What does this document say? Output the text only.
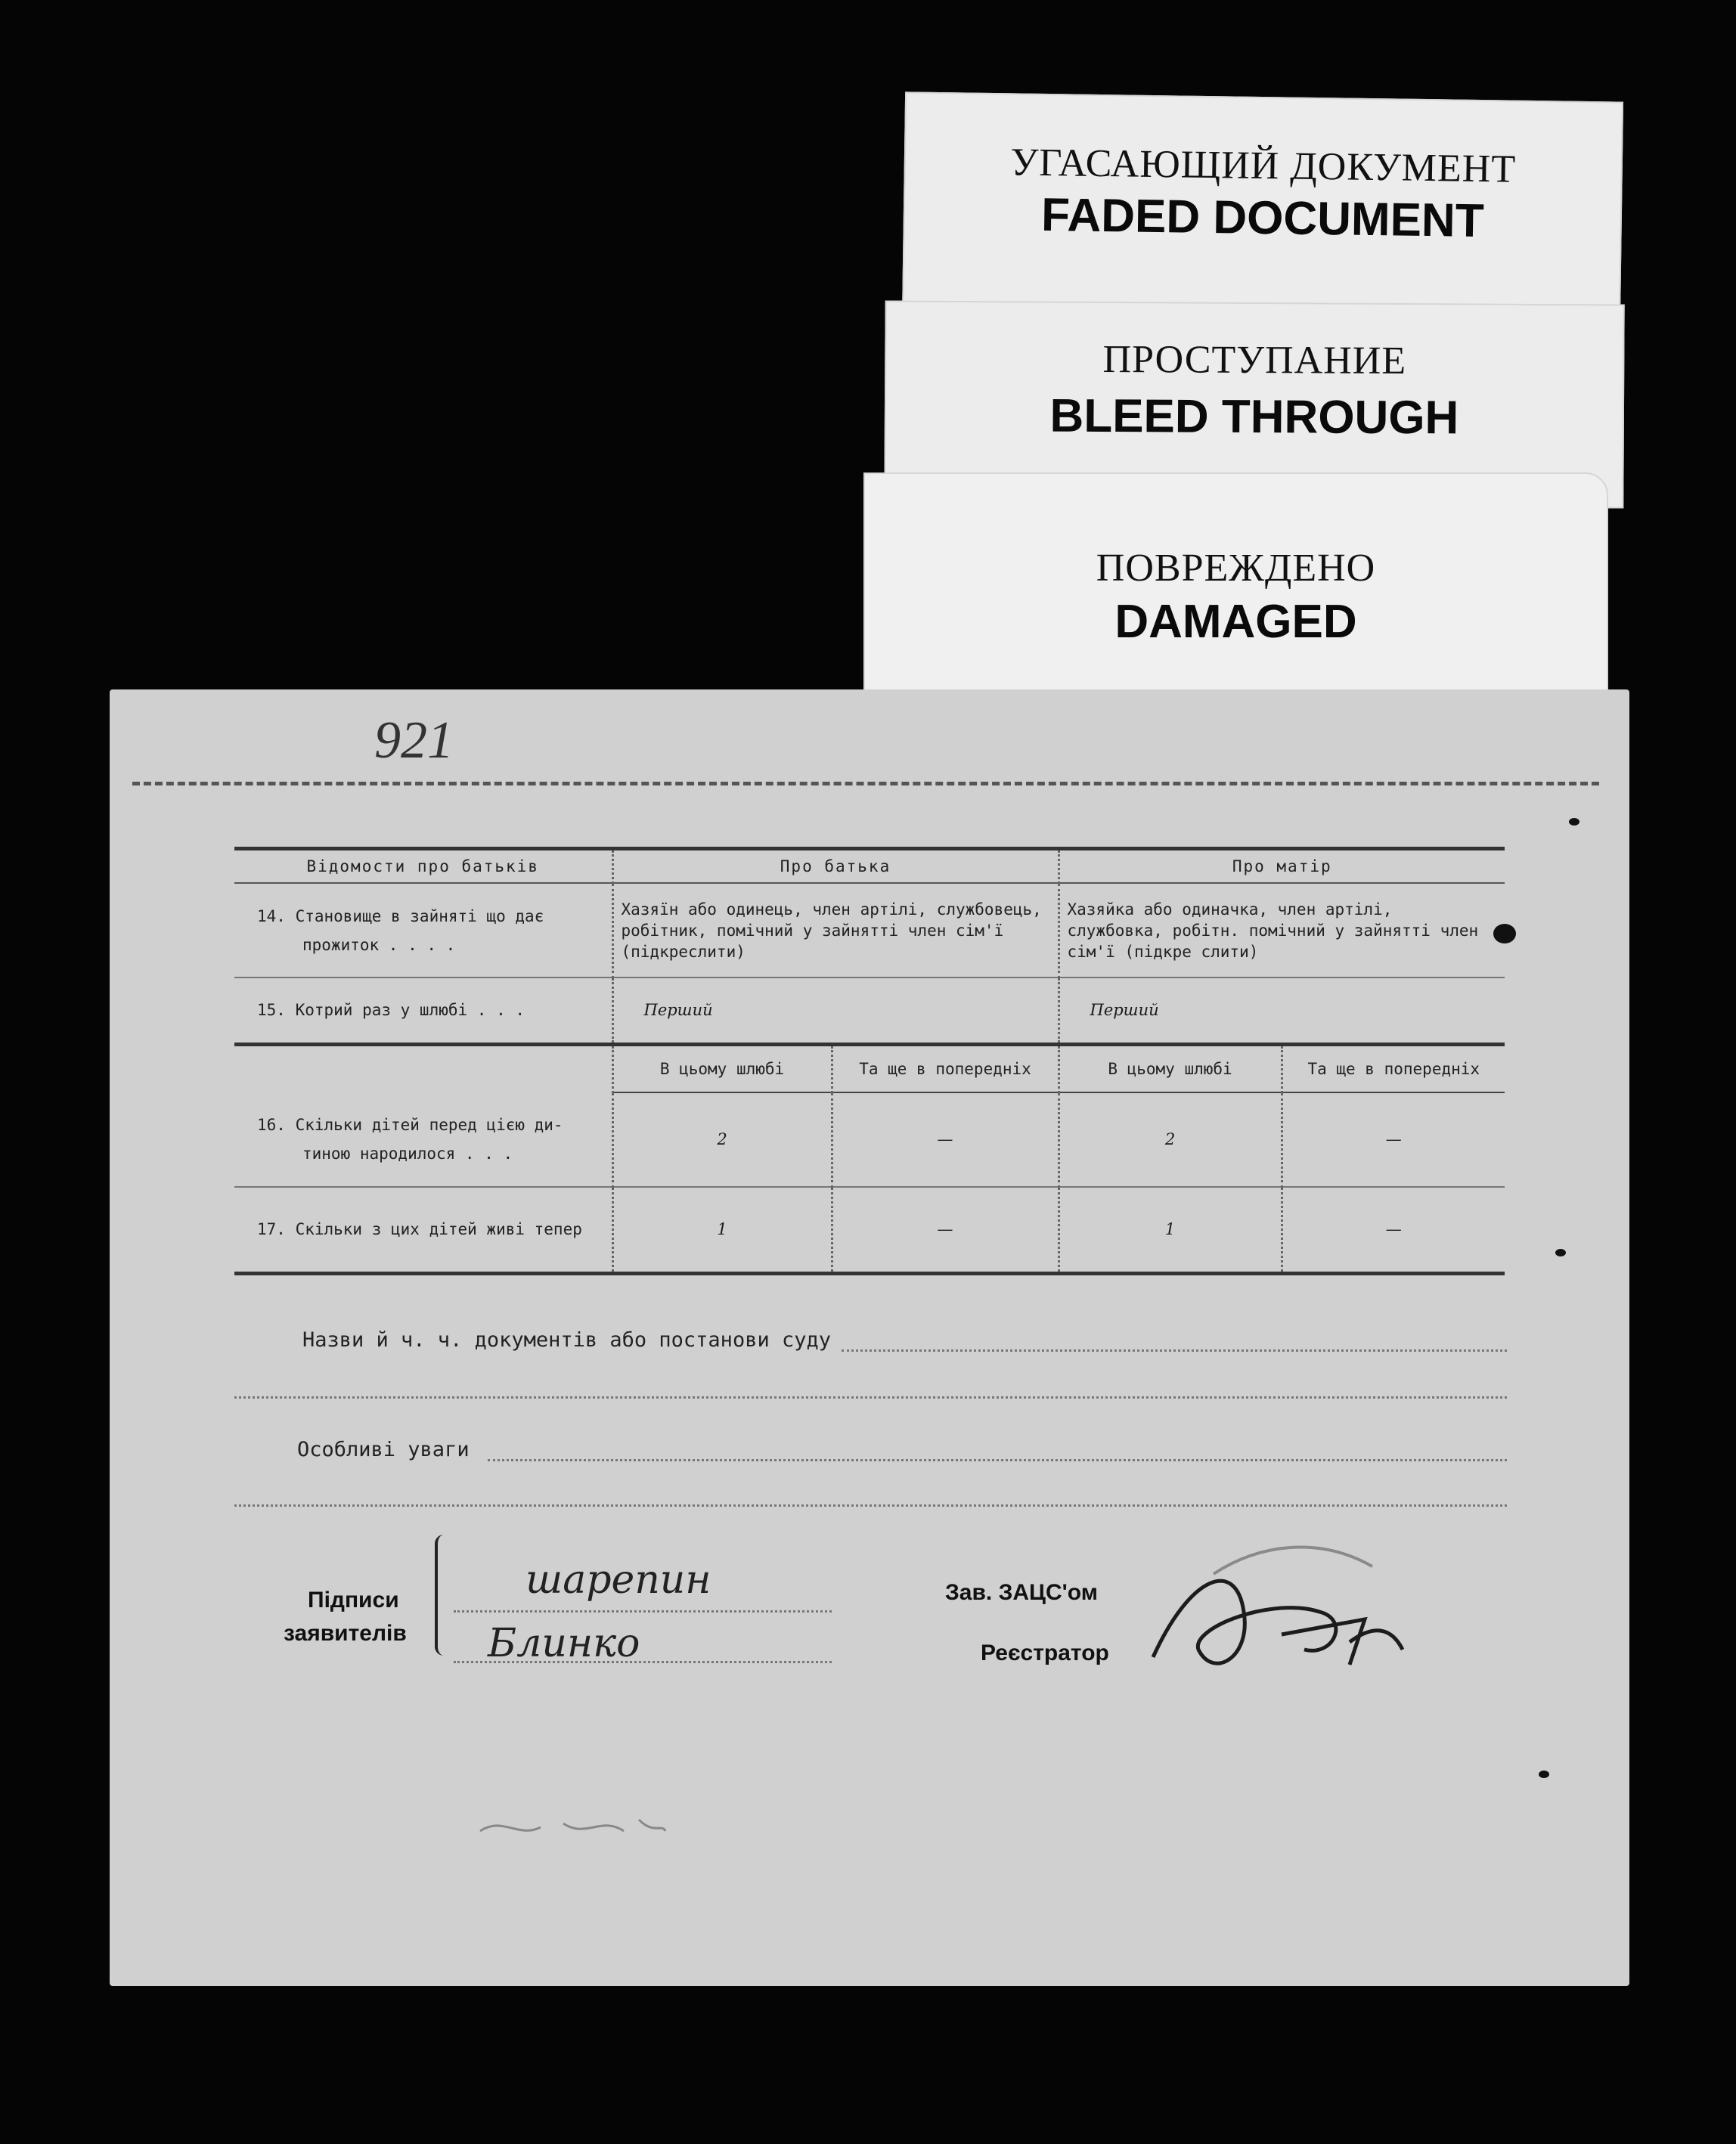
УГАСАЮЩИЙ ДОКУМЕНТ
FADED DOCUMENT
ПРОСТУПАНИЕ
BLEED THROUGH
ПОВРЕЖДЕНО
DAMAGED
921
Відомости про батьків	Про батька		Про матір	

14. Становище в зайняті що дає
прожиток . . . .	Хазяїн або одинець, член артілі, службовець, робітник, помічний у зайнятті член сім'ї (підкреслити)		Хазяйка або одиначка, член артілі, службовка, робітн. помічний у зайнятті член сім'ї (підкре слити)	
15. Котрий раз у шлюбі . . .	Перший		Перший	
	В цьому шлюбі	Та ще в попередніх	В цьому шлюбі	Та ще в попередніх

16. Скільки дітей перед цією ди-
тиною народилося . . .	2	—	2	—
17. Скільки з цих дітей живі тепер	1	—	1	—
Назви й ч. ч. документів або постанови суду
Особливі уваги
Підписи
заявителів
шарепин
Блинко
Зав. ЗАЦС'ом
Реєстратор
